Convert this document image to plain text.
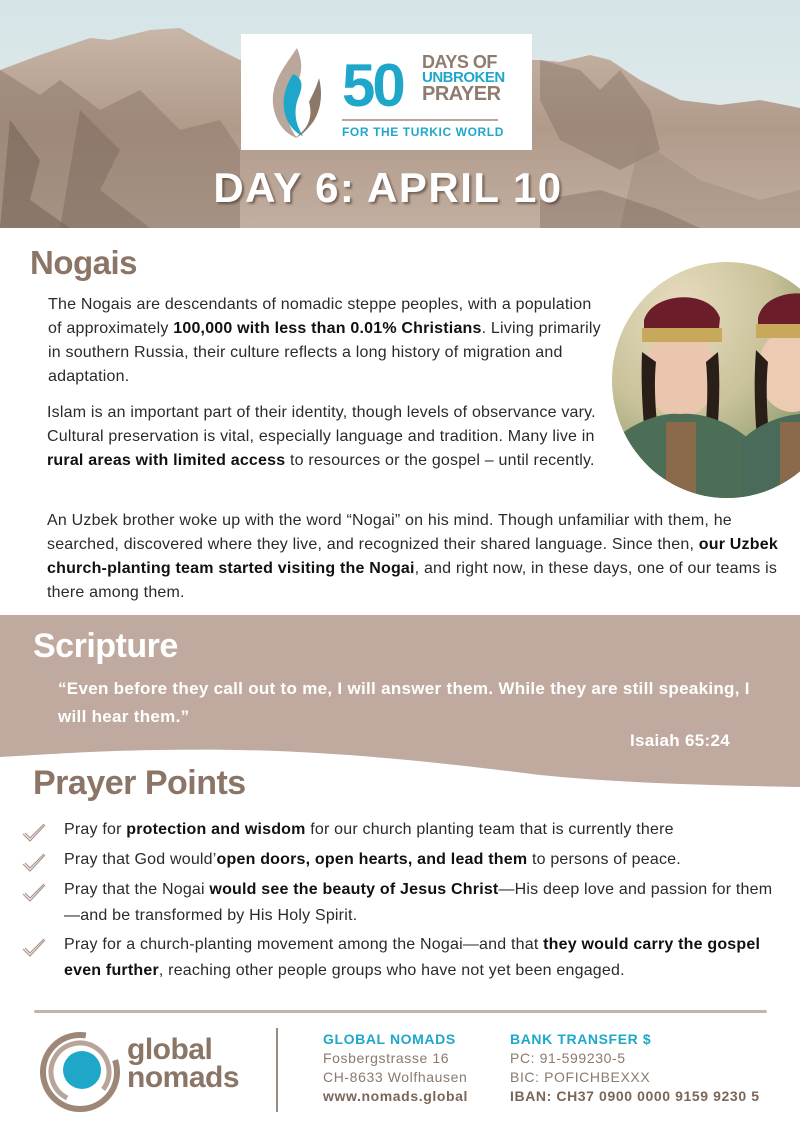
50 DAYS OF
UNBROKEN
PRAYER
FOR THE TURKIC WORLD
DAY 6: APRIL 10
Nogais

The Nogais are descendants of nomadic steppe peoples, with a population of approximately 100,000 with less than 0.01% Christians. Living primarily in southern Russia, their culture reflects a long history of migration and adaptation.

Islam is an important part of their identity, though levels of observance vary. Cultural preservation is vital, especially language and tradition. Many live in rural areas with limited access to resources or the gospel – until recently.

An Uzbek brother woke up with the word “Nogai” on his mind. Though unfamiliar with them, he searched, discovered where they live, and recognized their shared language. Since then, our Uzbek church-planting team started visiting the Nogai, and right now, in these days, one of our teams is there among them.

Scripture

“Even before they call out to me, I will answer them. While they are still speaking, I will hear them.”

Isaiah 65:24
Prayer Points

Pray for protection and wisdom for our church planting team that is currently there

Pray that God would’open doors, open hearts, and lead them to persons of peace.

Pray that the Nogai would see the beauty of Jesus Christ—His deep love and passion for them—and be transformed by His Holy Spirit.

Pray for a church-planting movement among the Nogai—and that they would carry the gospel even further, reaching other people groups who have not yet been engaged.

global
nomads
GLOBAL NOMADS
Fosbergstrasse 16
CH-8633 Wolfhausen
www.nomads.global
BANK TRANSFER $
PC: 91-599230-5
BIC: POFICHBEXXX
IBAN: CH37 0900 0000 9159 9230 5
